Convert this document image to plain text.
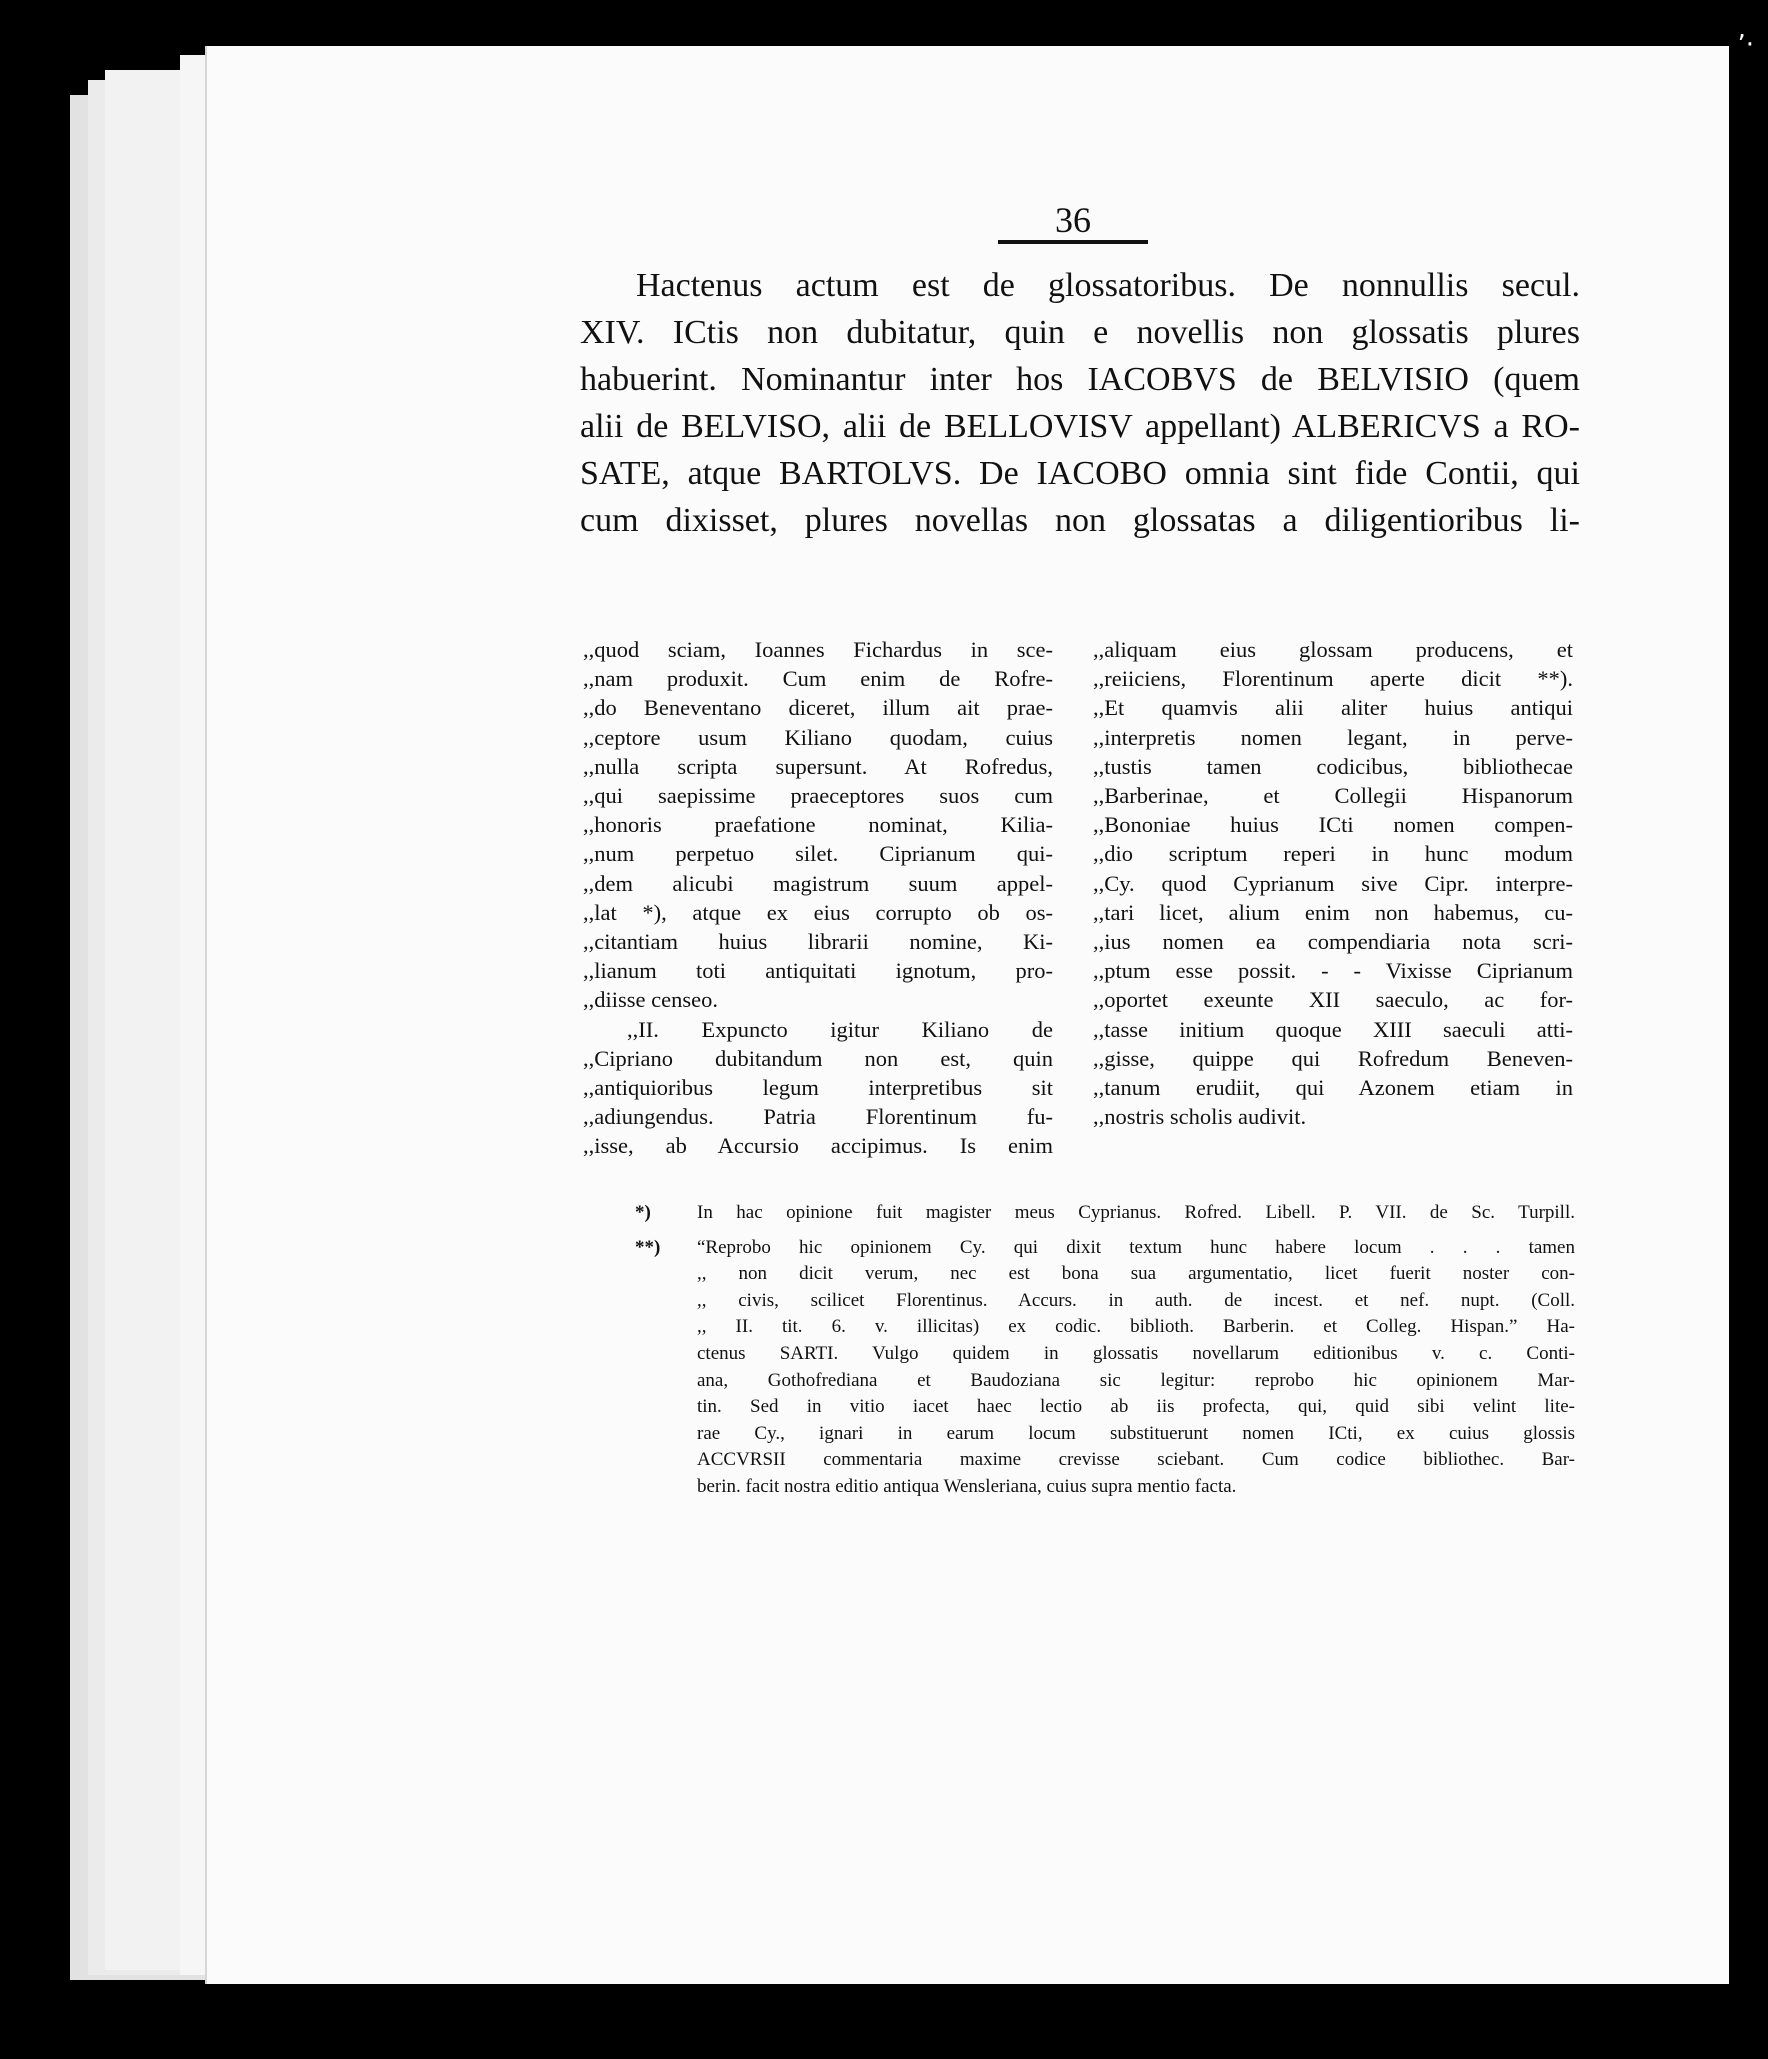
’·
36
Hactenus actum est de glossatoribus. De nonnullis secul.
XIV. ICtis non dubitatur, quin e novellis non glossatis plures
habuerint. Nominantur inter hos IACOBVS de BELVISIO (quem
alii de BELVISO, alii de BELLOVISV appellant) ALBERICVS a RO-
SATE, atque BARTOLVS. De IACOBO omnia sint fide Contii, qui
cum dixisset, plures novellas non glossatas a diligentioribus li-
,,quod sciam, Ioannes Fichardus in sce-
,,nam produxit. Cum enim de Rofre-
,,do Beneventano diceret, illum ait prae-
,,ceptore usum Kiliano quodam, cuius
,,nulla scripta supersunt. At Rofredus,
,,qui saepissime praeceptores suos cum
,,honoris praefatione nominat, Kilia-
,,num perpetuo silet. Ciprianum qui-
,,dem alicubi magistrum suum appel-
,,lat *), atque ex eius corrupto ob os-
,,citantiam huius librarii nomine, Ki-
,,lianum toti antiquitati ignotum, pro-
,,diisse censeo.
,,II. Expuncto igitur Kiliano de
,,Cipriano dubitandum non est, quin
,,antiquioribus legum interpretibus sit
,,adiungendus. Patria Florentinum fu-
,,isse, ab Accursio accipimus. Is enim
,,aliquam eius glossam producens, et
,,reiiciens, Florentinum aperte dicit **).
,,Et quamvis alii aliter huius antiqui
,,interpretis nomen legant, in perve-
,,tustis tamen codicibus, bibliothecae
,,Barberinae, et Collegii Hispanorum
,,Bononiae huius ICti nomen compen-
,,dio scriptum reperi in hunc modum
,,Cy. quod Cyprianum sive Cipr. interpre-
,,tari licet, alium enim non habemus, cu-
,,ius nomen ea compendiaria nota scri-
,,ptum esse possit. - - Vixisse Ciprianum
,,oportet exeunte XII saeculo, ac for-
,,tasse initium quoque XIII saeculi atti-
,,gisse, quippe qui Rofredum Beneven-
,,tanum erudiit, qui Azonem etiam in
,,nostris scholis audivit.
*) In hac opinione fuit magister meus Cyprianus. Rofred. Libell. P. VII. de Sc. Turpill.
**) “Reprobo hic opinionem Cy. qui dixit textum hunc habere locum . . . tamen
,, non dicit verum, nec est bona sua argumentatio, licet fuerit noster con-
,, civis, scilicet Florentinus. Accurs. in auth. de incest. et nef. nupt. (Coll.
,, II. tit. 6. v. illicitas) ex codic. biblioth. Barberin. et Colleg. Hispan.” Ha-
ctenus SARTI. Vulgo quidem in glossatis novellarum editionibus v. c. Conti-
ana, Gothofrediana et Baudoziana sic legitur: reprobo hic opinionem Mar-
tin. Sed in vitio iacet haec lectio ab iis profecta, qui, quid sibi velint lite-
rae Cy., ignari in earum locum substituerunt nomen ICti, ex cuius glossis
ACCVRSII commentaria maxime crevisse sciebant. Cum codice bibliothec. Bar-
berin. facit nostra editio antiqua Wensleriana, cuius supra mentio facta.
